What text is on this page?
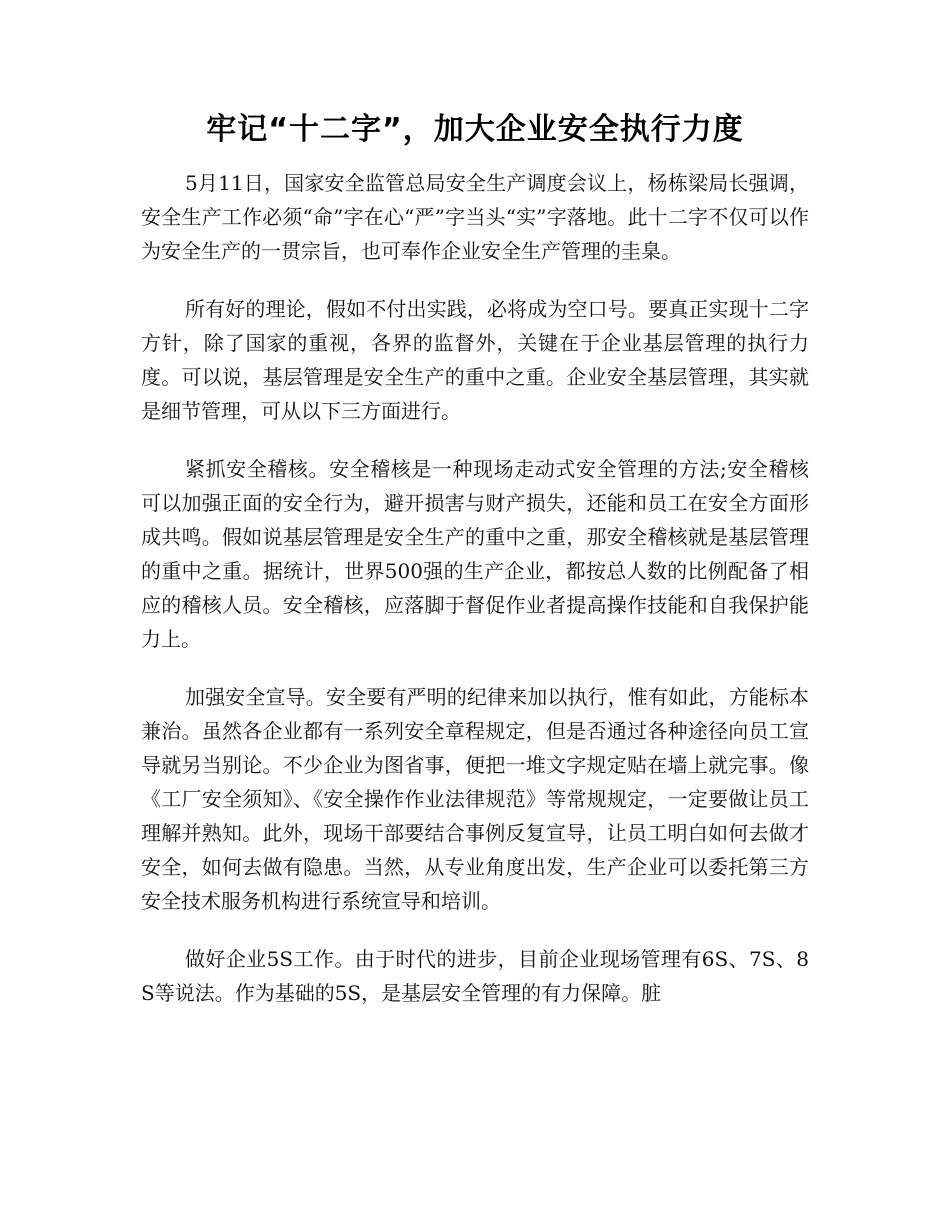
牢记“十二字”，加大企业安全执行力度

5月11日，国家安全监管总局安全生产调度会议上，杨栋梁局长强调， 安全生产工作必须“命”字在心“严”字当头“实”字落地。此十二字不仅可以作为安全生产的一贯宗旨，也可奉作企业安全生产管理的圭臬。

所有好的理论，假如不付出实践，必将成为空口号。要真正实现十二字方针，除了国家的重视，各界的监督外，关键在于企业基层管理的执行力度。可以说，基层管理是安全生产的重中之重。企业安全基层管理，其实就是细节管理，可从以下三方面进行。

紧抓安全稽核。安全稽核是一种现场走动式安全管理的方法;安全稽核可以加强正面的安全行为，避开损害与财产损失，还能和员工在安全方面形成共鸣。假如说基层管理是安全生产的重中之重，那安全稽核就是基层管理的重中之重。据统计，世界500强的生产企业，都按总人数的比例配备了相应的稽核人员。安全稽核，应落脚于督促作业者提高操作技能和自我保护能力上。

加强安全宣导。安全要有严明的纪律来加以执行，惟有如此，方能标本兼治。虽然各企业都有一系列安全章程规定，但是否通过各种途径向员工宣导就另当别论。不少企业为图省事，便把一堆文字规定贴在墙上就完事。像《工厂安全须知》、《安全操作作业法律规范》等常规规定，一定要做让员工理解并熟知。此外，现场干部要结合事例反复宣导，让员工明白如何去做才安全，如何去做有隐患。当然，从专业角度出发，生产企业可以委托第三方安全技术服务机构进行系统宣导和培训。

做好企业5S工作。由于时代的进步，目前企业现场管理有6S、7S、8S等说法。作为基础的5S，是基层安全管理的有力保障。脏
